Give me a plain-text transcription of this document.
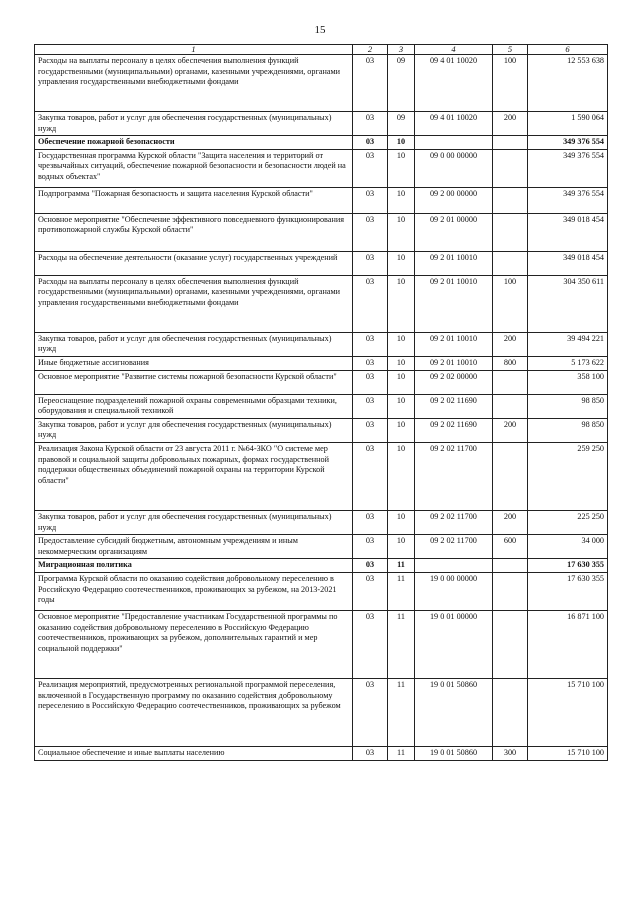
15
1	2	3	4	5	6
Расходы на выплаты персоналу в целях обеспечения выполнения функций государственными (муниципальными) органами, казенными учреждениями, органами управления государственными внебюджетными фондами	03	09	09 4 01 10020	100	12 553 638
Закупка товаров, работ и услуг для обеспечения государственных (муниципальных) нужд	03	09	09 4 01 10020	200	1 590 064
Обеспечение пожарной безопасности	03	10			349 376 554
Государственная программа Курской области "Защита населения и территорий от чрезвычайных ситуаций, обеспечение пожарной безопасности и безопасности людей на водных объектах"	03	10	09 0 00 00000		349 376 554
Подпрограмма "Пожарная безопасность и защита населения Курской области"	03	10	09 2 00 00000		349 376 554
Основное мероприятие "Обеспечение эффективного повседневного функционирования противопожарной службы Курской области"	03	10	09 2 01 00000		349 018 454
Расходы на обеспечение деятельности (оказание услуг) государственных учреждений	03	10	09 2 01 10010		349 018 454
Расходы на выплаты персоналу в целях обеспечения выполнения функций государственными (муниципальными) органами, казенными учреждениями, органами управления государственными внебюджетными фондами	03	10	09 2 01 10010	100	304 350 611
Закупка товаров, работ и услуг для обеспечения государственных (муниципальных) нужд	03	10	09 2 01 10010	200	39 494 221
Иные бюджетные ассигнования	03	10	09 2 01 10010	800	5 173 622
Основное мероприятие "Развитие системы пожарной безопасности Курской области"	03	10	09 2 02 00000		358 100
Переоснащение подразделений пожарной охраны современными образцами техники, оборудования и специальной техникой	03	10	09 2 02 11690		98 850
Закупка товаров, работ и услуг для обеспечения государственных (муниципальных) нужд	03	10	09 2 02 11690	200	98 850
Реализация Закона Курской области от 23 августа 2011 г. №64-ЗКО "О системе мер правовой и социальной защиты добровольных пожарных, формах государственной поддержки общественных объединений пожарной охраны на территории Курской области"	03	10	09 2 02 11700		259 250
Закупка товаров, работ и услуг для обеспечения государственных (муниципальных) нужд	03	10	09 2 02 11700	200	225 250
Предоставление субсидий бюджетным, автономным учреждениям и иным некоммерческим организациям	03	10	09 2 02 11700	600	34 000
Миграционная политика	03	11			17 630 355
Программа Курской области по оказанию содействия добровольному переселению в Российскую Федерацию соотечественников, проживающих за рубежом, на 2013-2021 годы	03	11	19 0 00 00000		17 630 355
Основное мероприятие "Предоставление участникам Государственной программы по оказанию содействия добровольному переселению в Российскую Федерацию соотечественников, проживающих за рубежом, дополнительных гарантий и мер социальной поддержки"	03	11	19 0 01 00000		16 871 100
Реализация мероприятий, предусмотренных региональной программой переселения, включенной в Государственную программу по оказанию содействия добровольному переселению в Российскую Федерацию соотечественников, проживающих за рубежом	03	11	19 0 01 50860		15 710 100
Социальное обеспечение и иные выплаты населению	03	11	19 0 01 50860	300	15 710 100
